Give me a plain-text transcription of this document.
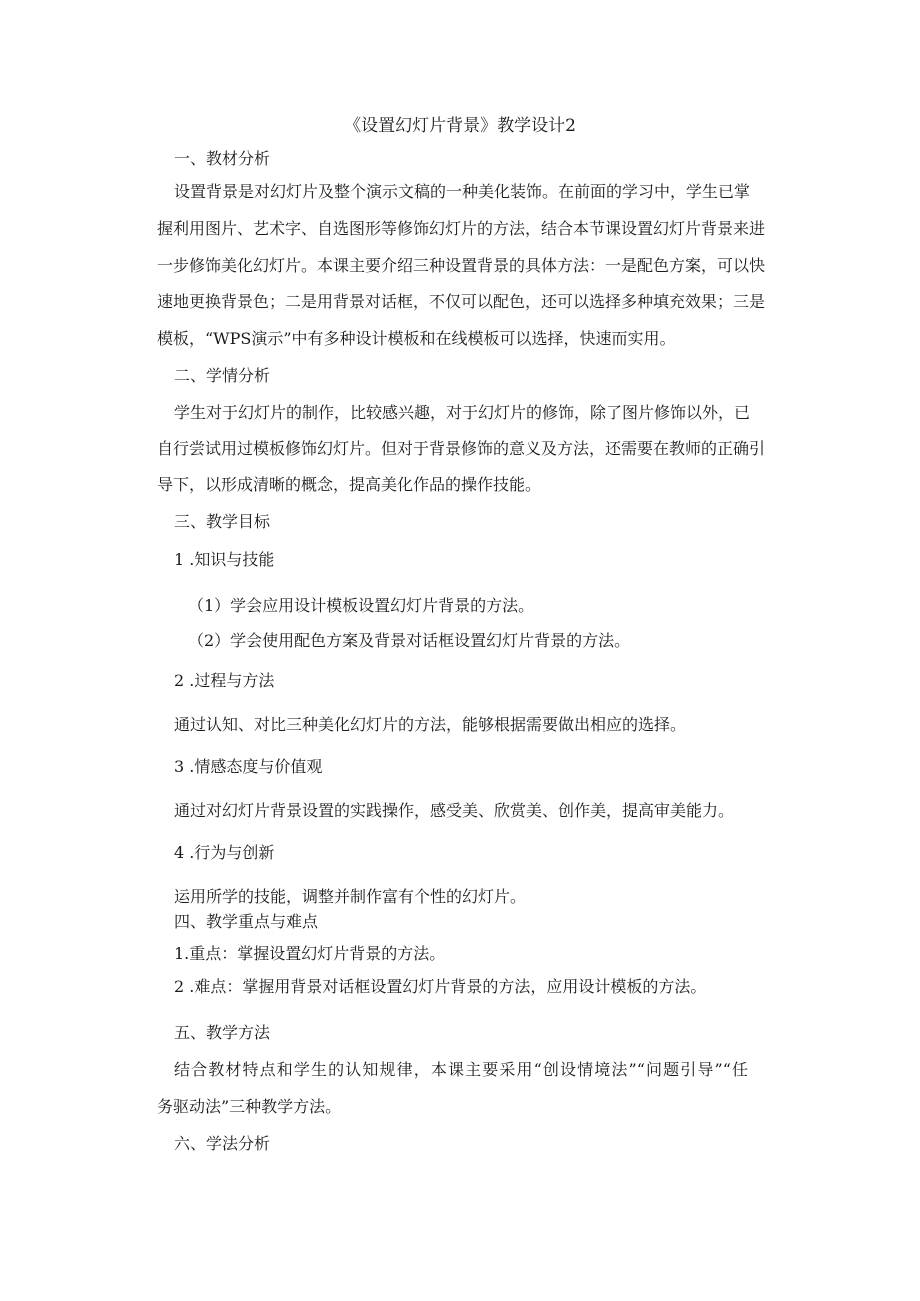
《设置幻灯片背景》教学设计2
一、教材分析
设置背景是对幻灯片及整个演示文稿的一种美化装饰。在前面的学习中，学生已掌
握利用图片、艺术字、自选图形等修饰幻灯片的方法，结合本节课设置幻灯片背景来进
一步修饰美化幻灯片。本课主要介绍三种设置背景的具体方法：一是配色方案，可以快
速地更换背景色；二是用背景对话框，不仅可以配色，还可以选择多种填充效果；三是
模板，“WPS演示”中有多种设计模板和在线模板可以选择，快速而实用。
二、学情分析
学生对于幻灯片的制作，比较感兴趣，对于幻灯片的修饰，除了图片修饰以外，已
自行尝试用过模板修饰幻灯片。但对于背景修饰的意义及方法，还需要在教师的正确引
导下，以形成清晰的概念，提高美化作品的操作技能。
三、教学目标
1 .知识与技能
（1）学会应用设计模板设置幻灯片背景的方法。
（2）学会使用配色方案及背景对话框设置幻灯片背景的方法。
2 .过程与方法
通过认知、对比三种美化幻灯片的方法，能够根据需要做出相应的选择。
3 .情感态度与价值观
通过对幻灯片背景设置的实践操作，感受美、欣赏美、创作美，提高审美能力。
4 .行为与创新
运用所学的技能，调整并制作富有个性的幻灯片。
四、教学重点与难点
1.重点：掌握设置幻灯片背景的方法。
2 .难点：掌握用背景对话框设置幻灯片背景的方法，应用设计模板的方法。
五、教学方法
结合教材特点和学生的认知规律，本课主要采用“创设情境法”“问题引导”“任
务驱动法”三种教学方法。
六、学法分析
